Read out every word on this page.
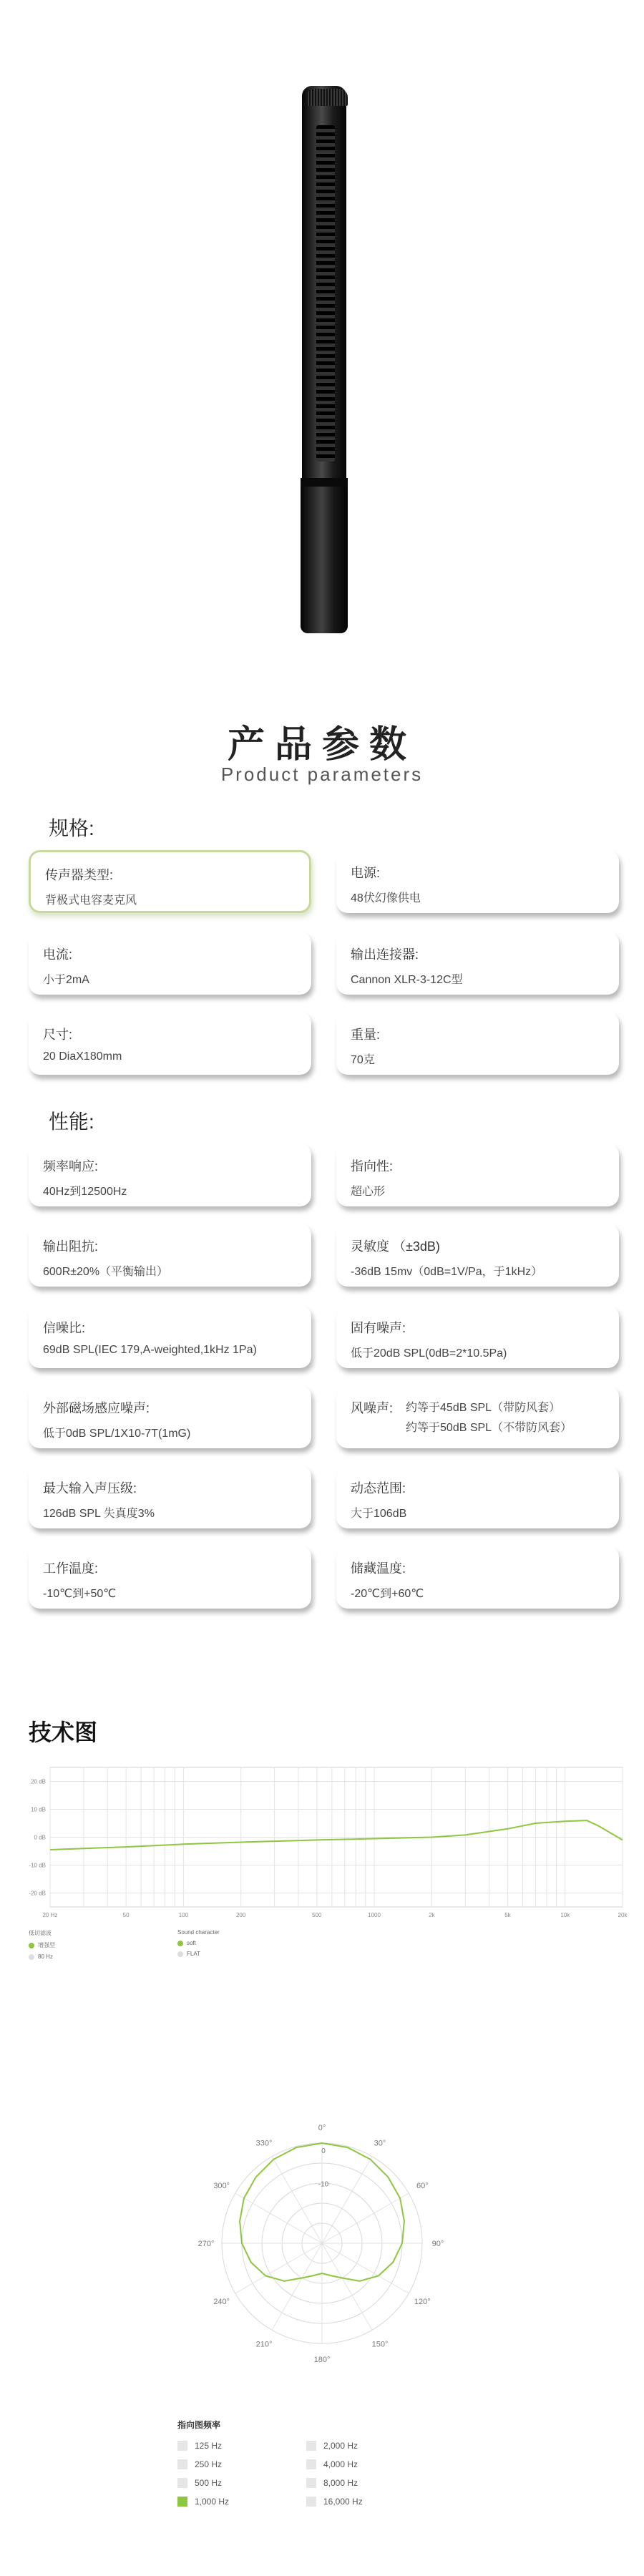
产品参数
Product parameters
规格:
传声器类型:
背极式电容麦克风
电源:
48伏幻像供电
电流:
小于2mA
输出连接器:
Cannon XLR-3-12C型
尺寸:
20 DiaX180mm
重量:
70克
性能:
频率响应:
40Hz到12500Hz
指向性:
超心形
输出阻抗:
600R±20%（平衡输出）
灵敏度 （±3dB)
-36dB 15mv（0dB=1V/Pa，于1kHz）
信噪比:
69dB SPL(IEC 179,A-weighted,1kHz 1Pa)
固有噪声:
低于20dB SPL(0dB=2*10.5Pa)
外部磁场感应噪声:
低于0dB SPL/1X10-7T(1mG)
风噪声: 约等于45dB SPL（带防风套）
约等于50dB SPL（不带防风套）
最大输入声压级:
126dB SPL 失真度3%
动态范围:
大于106dB
工作温度:
-10℃到+50℃
储藏温度:
-20℃到+60℃
技术图
20 dB
10 dB
0 dB
-10 dB
-20 dB
20 Hz	50	100	200	500	1000	2k	5k	10k	20k
低切滤波
增强型
80 Hz
Sound character
soft
FLAT
0°
30°
60°
90°
120°
150°
180°
210°
240°
270°
300°
330°
0
-10
指向图频率
125 Hz	2,000 Hz
250 Hz	4,000 Hz
500 Hz	8,000 Hz
1,000 Hz	16,000 Hz
